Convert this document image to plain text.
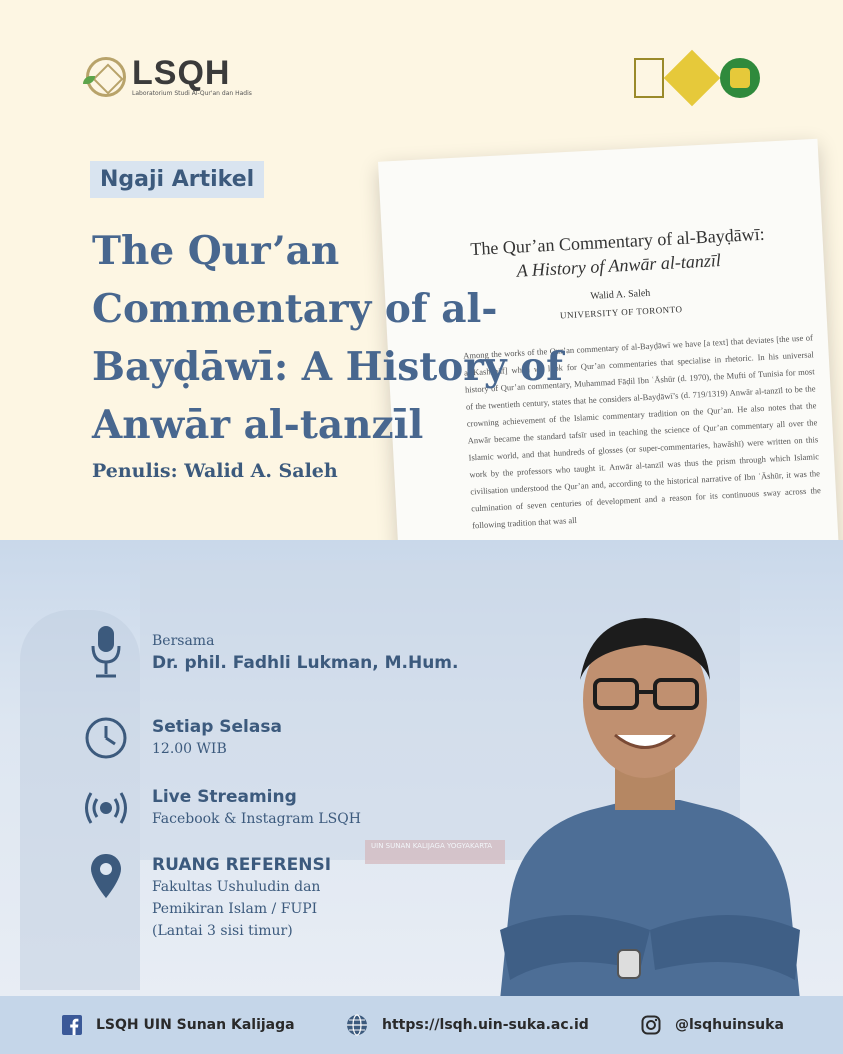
LSQH
Laboratorium Studi Al-Qur'an dan Hadis
Ngaji Artikel
The Qur’an Commentary of al-Bayḍāwī: A History of Anwār al-tanzīl
Penulis: Walid A. Saleh
The Qur’an Commentary of al-Bayḍāwī:
A History of Anwār al-tanzīl
Walid A. Saleh
UNIVERSITY OF TORONTO
Among the works of the Qur’an commentary of al-Bayḍāwī we have [a text] that deviates [the use of al-Kashshāf] when we look for Qur’an commentaries that specialise in rhetoric. In his universal history of Qur’an commentary, Muhammad Fāḍil Ibn ʿĀshūr (d. 1970), the Mufti of Tunisia for most of the twentieth century, states that he considers al-Bayḍāwī’s (d. 719/1319) Anwār al-tanzīl to be the crowning achievement of the Islamic commentary tradition on the Qur’an. He also notes that the Anwār became the standard tafsīr used in teaching the science of Qur’an commentary all over the Islamic world, and that hundreds of glosses (or super-commentaries, hawāshī) were written on this work by the professors who taught it. Anwār al-tanzīl was thus the prism through which Islamic civilisation understood the Qur’an and, according to the historical narrative of Ibn ʿĀshūr, it was the culmination of seven centuries of development and a reason for its continuous sway across the following tradition that was all
UIN SUNAN KALIJAGA YOGYAKARTA
Bersama
Dr. phil. Fadhli Lukman, M.Hum.
Setiap Selasa
12.00 WIB
Live Streaming
Facebook & Instagram LSQH
RUANG REFERENSI
Fakultas Ushuludin dan
Pemikiran Islam / FUPI
(Lantai 3 sisi timur)
LSQH UIN Sunan Kalijaga	https://lsqh.uin-suka.ac.id	@lsqhuinsuka
